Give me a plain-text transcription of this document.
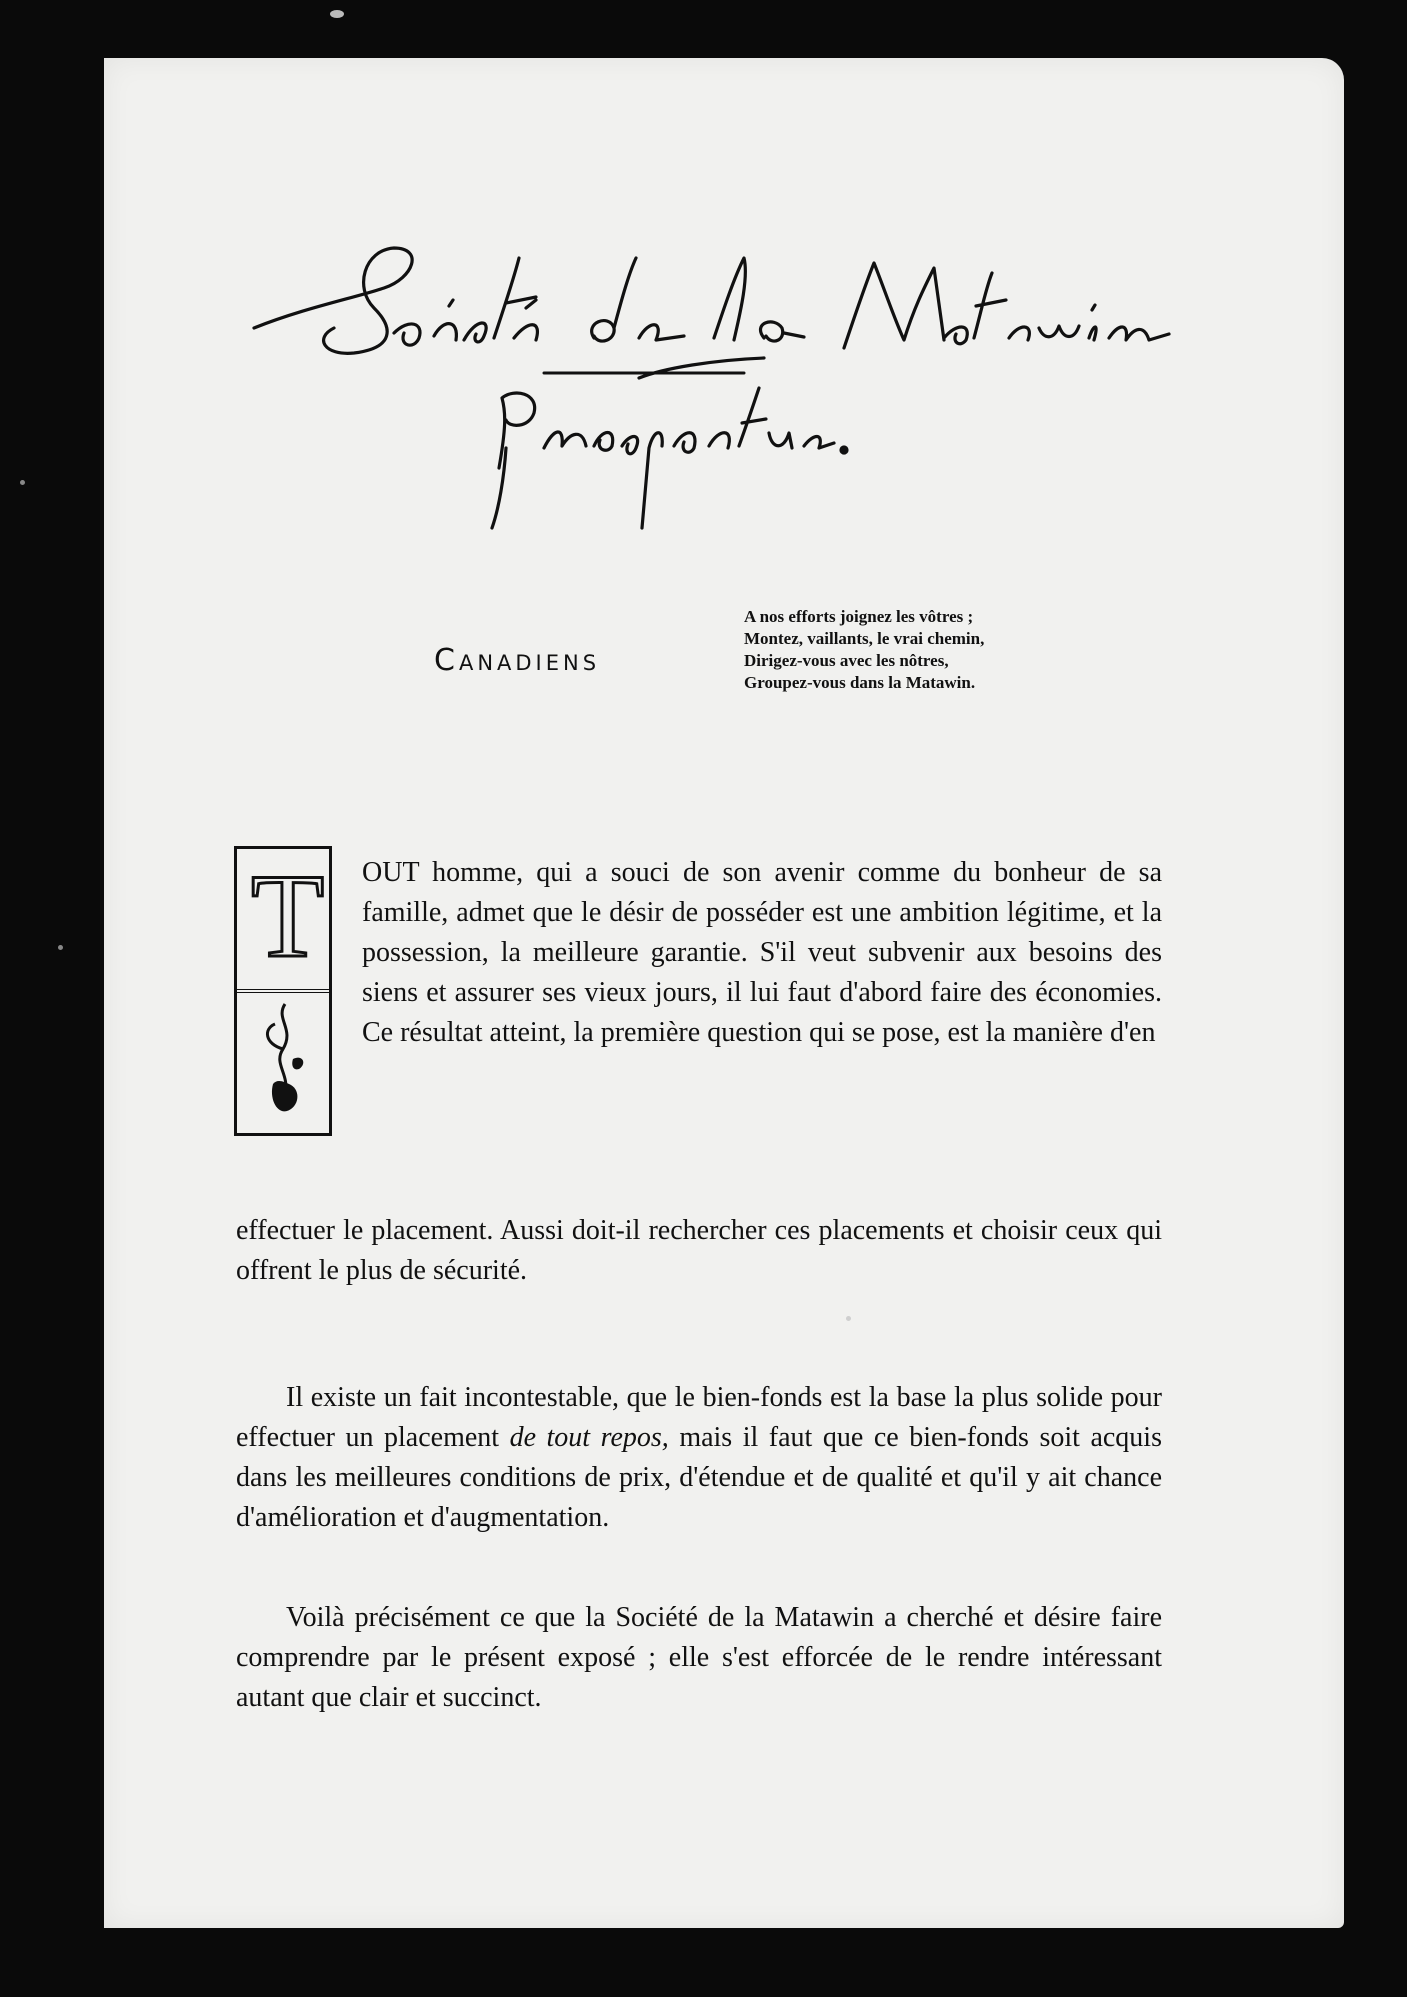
Canadiens
A nos efforts joignez les vôtres ;
Montez, vaillants, le vrai chemin,
Dirigez-vous avec les nôtres,
Groupez-vous dans la Matawin.
T OUT homme, qui a souci de son avenir comme du bonheur de sa famille, admet que le désir de posséder est une ambition légitime, et la possession, la meilleure garantie. S'il veut subvenir aux besoins des siens et assurer ses vieux jours, il lui faut d'abord faire des économies. Ce résultat atteint, la première question qui se pose, est la manière d'en
effectuer le placement. Aussi doit-il rechercher ces placements et choisir ceux qui offrent le plus de sécurité.
Il existe un fait incontestable, que le bien-fonds est la base la plus solide pour effectuer un placement de tout repos, mais il faut que ce bien-fonds soit acquis dans les meilleures conditions de prix, d'étendue et de qualité et qu'il y ait chance d'amélioration et d'augmentation.
Voilà précisément ce que la Société de la Matawin a cherché et désire faire comprendre par le présent exposé ; elle s'est efforcée de le rendre intéressant autant que clair et succinct.
